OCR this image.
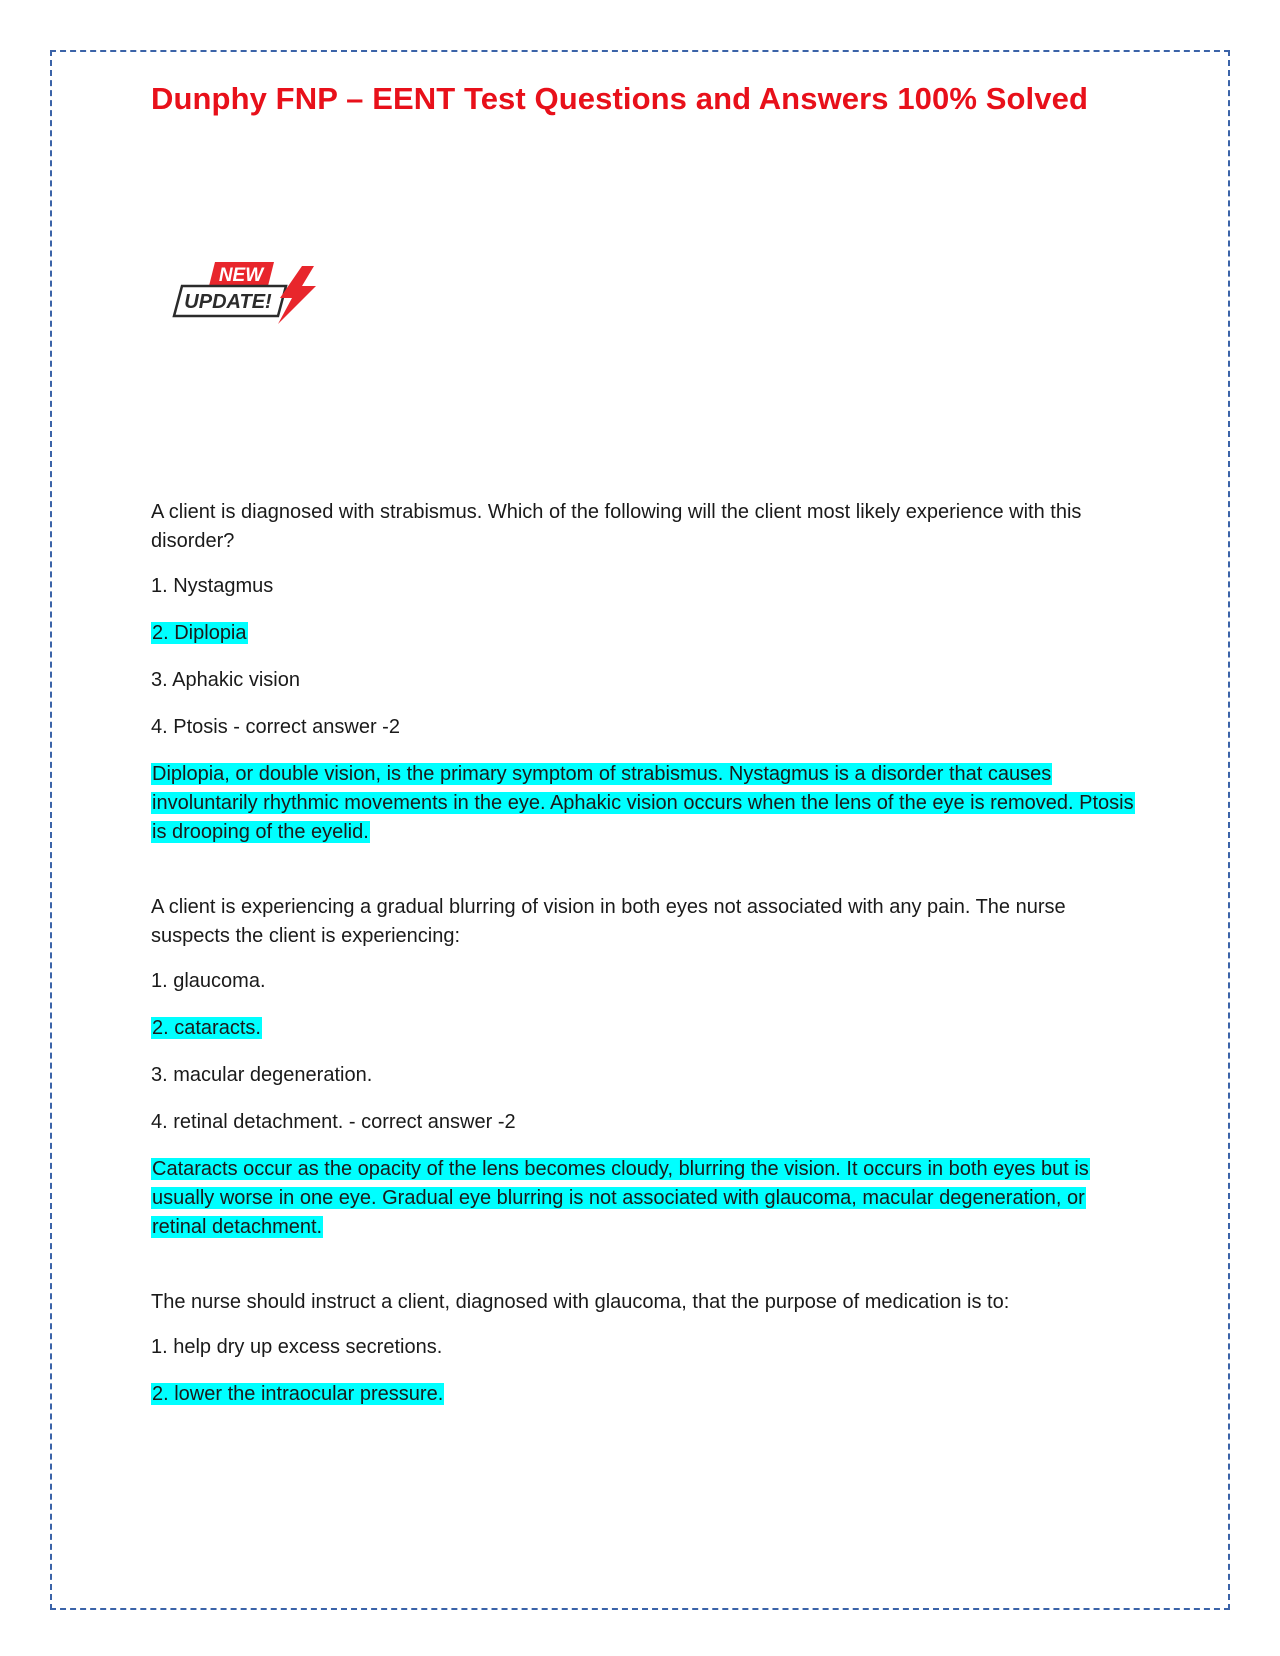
Dunphy FNP – EENT Test Questions and Answers 100% Solved
NEW
UPDATE!

A client is diagnosed with strabismus. Which of the following will the client most likely experience with this disorder?

1. Nystagmus

2. Diplopia

3. Aphakic vision

4. Ptosis - correct answer -2

Diplopia, or double vision, is the primary symptom of strabismus. Nystagmus is a disorder that causes involuntarily rhythmic movements in the eye. Aphakic vision occurs when the lens of the eye is removed. Ptosis is drooping of the eyelid.

A client is experiencing a gradual blurring of vision in both eyes not associated with any pain. The nurse suspects the client is experiencing:

1. glaucoma.

2. cataracts.

3. macular degeneration.

4. retinal detachment. - correct answer -2

Cataracts occur as the opacity of the lens becomes cloudy, blurring the vision. It occurs in both eyes but is usually worse in one eye. Gradual eye blurring is not associated with glaucoma, macular degeneration, or retinal detachment.

The nurse should instruct a client, diagnosed with glaucoma, that the purpose of medication is to:

1. help dry up excess secretions.

2. lower the intraocular pressure.
